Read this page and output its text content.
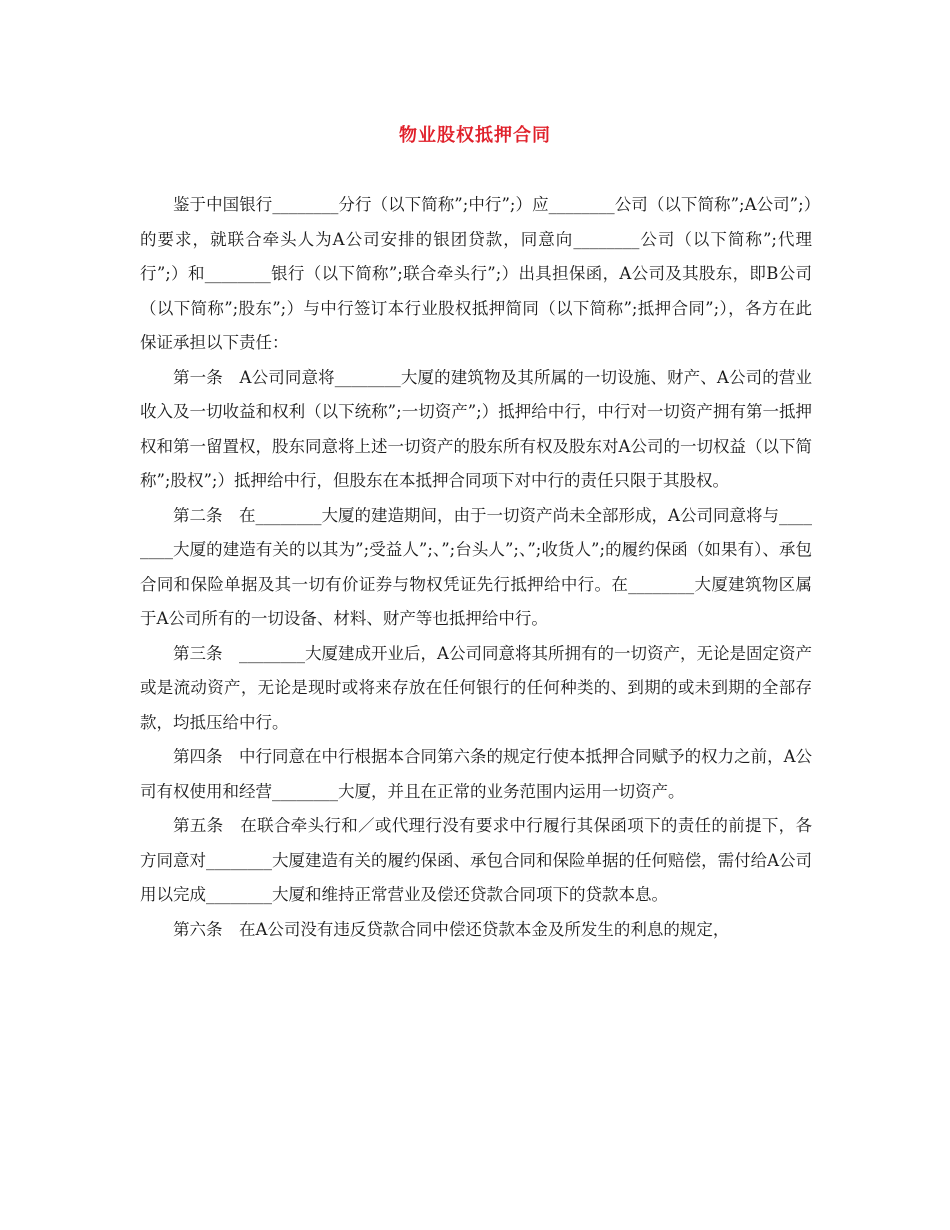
物业股权抵押合同

鉴于中国银行________分行（以下简称”;中行”;）应________公司（以下简称”;A公司”;）的要求，就联合牵头人为A公司安排的银团贷款，同意向________公司（以下简称”;代理行”;）和________银行（以下简称”;联合牵头行”;）出具担保函，A公司及其股东，即B公司（以下简称”;股东”;）与中行签订本行业股权抵押简同（以下简称”;抵押合同”;），各方在此保证承担以下责任：

第一条　A公司同意将________大厦的建筑物及其所属的一切设施、财产、A公司的营业收入及一切收益和权利（以下统称”;一切资产”;）抵押给中行，中行对一切资产拥有第一抵押权和第一留置权，股东同意将上述一切资产的股东所有权及股东对A公司的一切权益（以下简称”;股权”;）抵押给中行，但股东在本抵押合同项下对中行的责任只限于其股权。

第二条　在________大厦的建造期间，由于一切资产尚未全部形成，A公司同意将与________大厦的建造有关的以其为”;受益人”;、”;台头人”;、”;收货人”;的履约保函（如果有）、承包合同和保险单据及其一切有价证券与物权凭证先行抵押给中行。在________大厦建筑物区属于A公司所有的一切设备、材料、财产等也抵押给中行。

第三条　________大厦建成开业后，A公司同意将其所拥有的一切资产，无论是固定资产或是流动资产，无论是现时或将来存放在任何银行的任何种类的、到期的或未到期的全部存款，均抵压给中行。

第四条　中行同意在中行根据本合同第六条的规定行使本抵押合同赋予的权力之前，A公司有权使用和经营________大厦，并且在正常的业务范围内运用一切资产。

第五条　在联合牵头行和／或代理行没有要求中行履行其保函项下的责任的前提下，各方同意对________大厦建造有关的履约保函、承包合同和保险单据的任何赔偿，需付给A公司用以完成________大厦和维持正常营业及偿还贷款合同项下的贷款本息。

第六条　在A公司没有违反贷款合同中偿还贷款本金及所发生的利息的规定，
